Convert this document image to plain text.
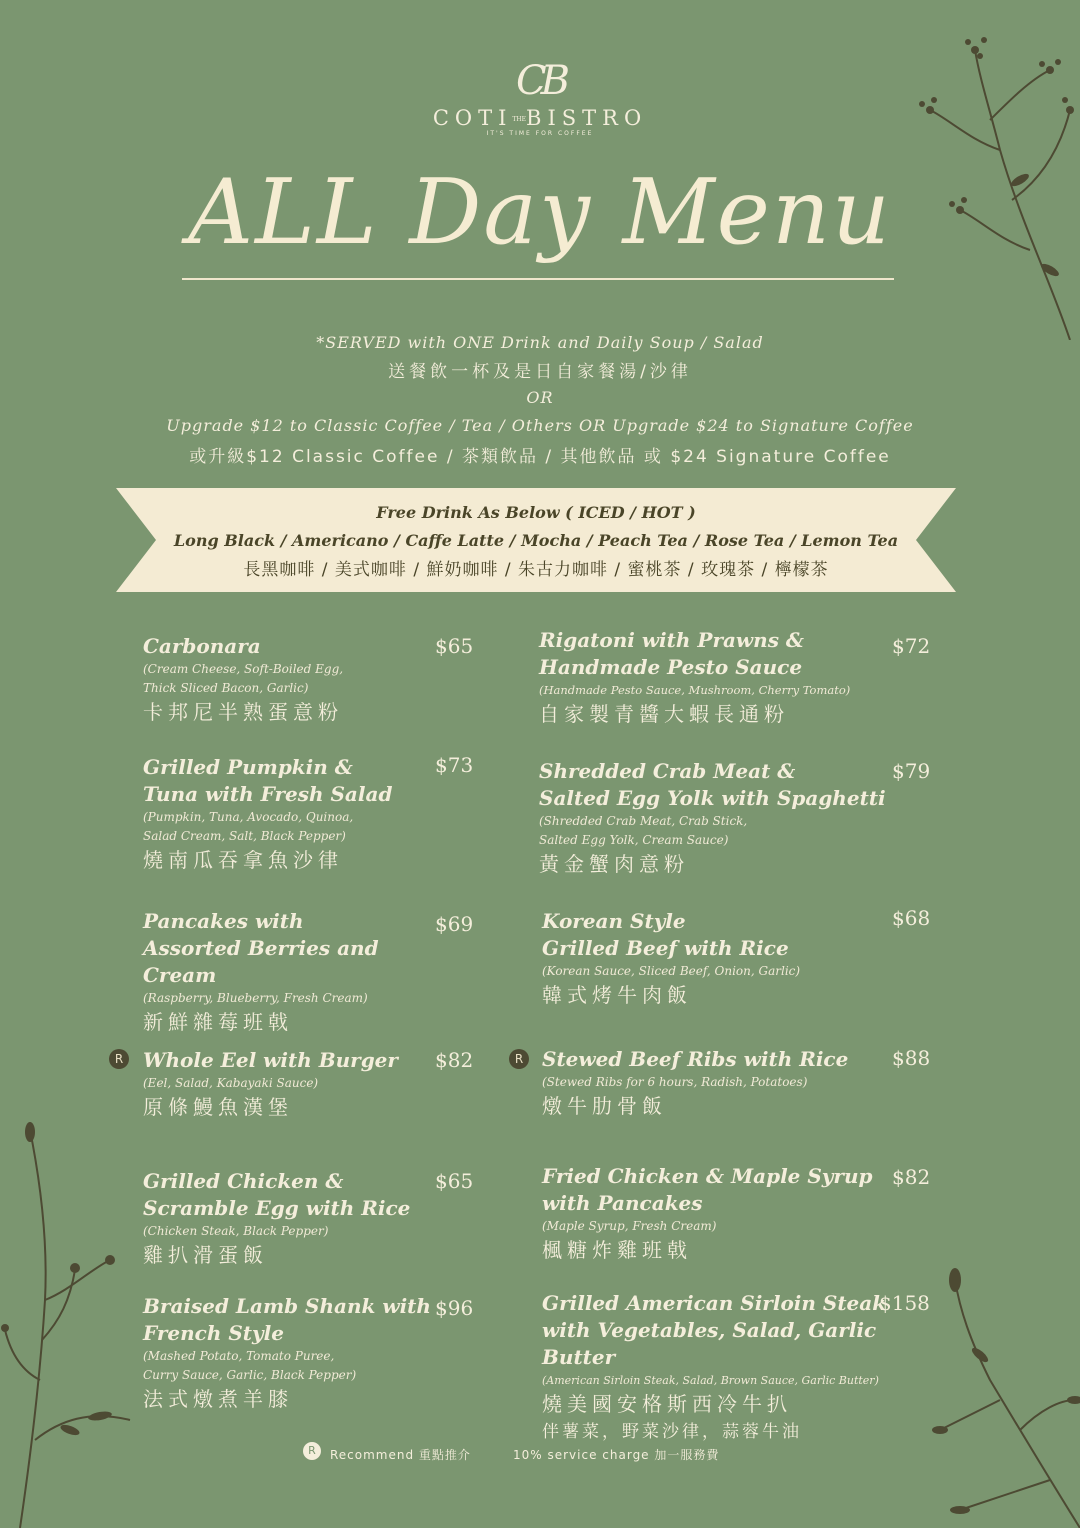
CB
COTITHEBISTRO
IT'S TIME FOR COFFEE
ALL Day Menu
*SERVED with ONE Drink and Daily Soup / Salad
送餐飲一杯及是日自家餐湯/沙律
OR
Upgrade $12 to Classic Coffee / Tea / Others OR Upgrade $24 to Signature Coffee
或升級$12 Classic Coffee / 茶類飲品 / 其他飲品 或 $24 Signature Coffee
Free Drink As Below ( ICED / HOT )
Long Black / Americano / Caffe Latte / Mocha / Peach Tea / Rose Tea / Lemon Tea
長黑咖啡 / 美式咖啡 / 鮮奶咖啡 / 朱古力咖啡 / 蜜桃茶 / 玫瑰茶 / 檸檬茶
Carbonara
(Cream Cheese, Soft-Boiled Egg,
Thick Sliced Bacon, Garlic)
卡邦尼半熟蛋意粉
$65
Grilled Pumpkin &
Tuna with Fresh Salad
(Pumpkin, Tuna, Avocado, Quinoa,
Salad Cream, Salt, Black Pepper)
燒南瓜吞拿魚沙律
$73
Pancakes with
Assorted Berries and Cream
(Raspberry, Blueberry, Fresh Cream)
新鮮雜莓班戟
$69
R Whole Eel with Burger
(Eel, Salad, Kabayaki Sauce)
原條鰻魚漢堡
$82
Grilled Chicken &
Scramble Egg with Rice
(Chicken Steak, Black Pepper)
雞扒滑蛋飯
$65
Braised Lamb Shank with
French Style
(Mashed Potato, Tomato Puree,
Curry Sauce, Garlic, Black Pepper)
法式燉煮羊膝
$96
Rigatoni with Prawns &
Handmade Pesto Sauce
(Handmade Pesto Sauce, Mushroom, Cherry Tomato)
自家製青醬大蝦長通粉
$72
Shredded Crab Meat &
Salted Egg Yolk with Spaghetti
(Shredded Crab Meat, Crab Stick,
Salted Egg Yolk, Cream Sauce)
黃金蟹肉意粉
$79
Korean Style
Grilled Beef with Rice
(Korean Sauce, Sliced Beef, Onion, Garlic)
韓式烤牛肉飯
$68
R Stewed Beef Ribs with Rice
(Stewed Ribs for 6 hours, Radish, Potatoes)
燉牛肋骨飯
$88
Fried Chicken & Maple Syrup
with Pancakes
(Maple Syrup, Fresh Cream)
楓糖炸雞班戟
$82
Grilled American Sirloin Steak
with Vegetables, Salad, Garlic Butter
(American Sirloin Steak, Salad, Brown Sauce, Garlic Butter)
燒美國安格斯西冷牛扒
伴薯菜，野菜沙律，蒜蓉牛油
$158
R	Recommend 重點推介	10% service charge 加一服務費
